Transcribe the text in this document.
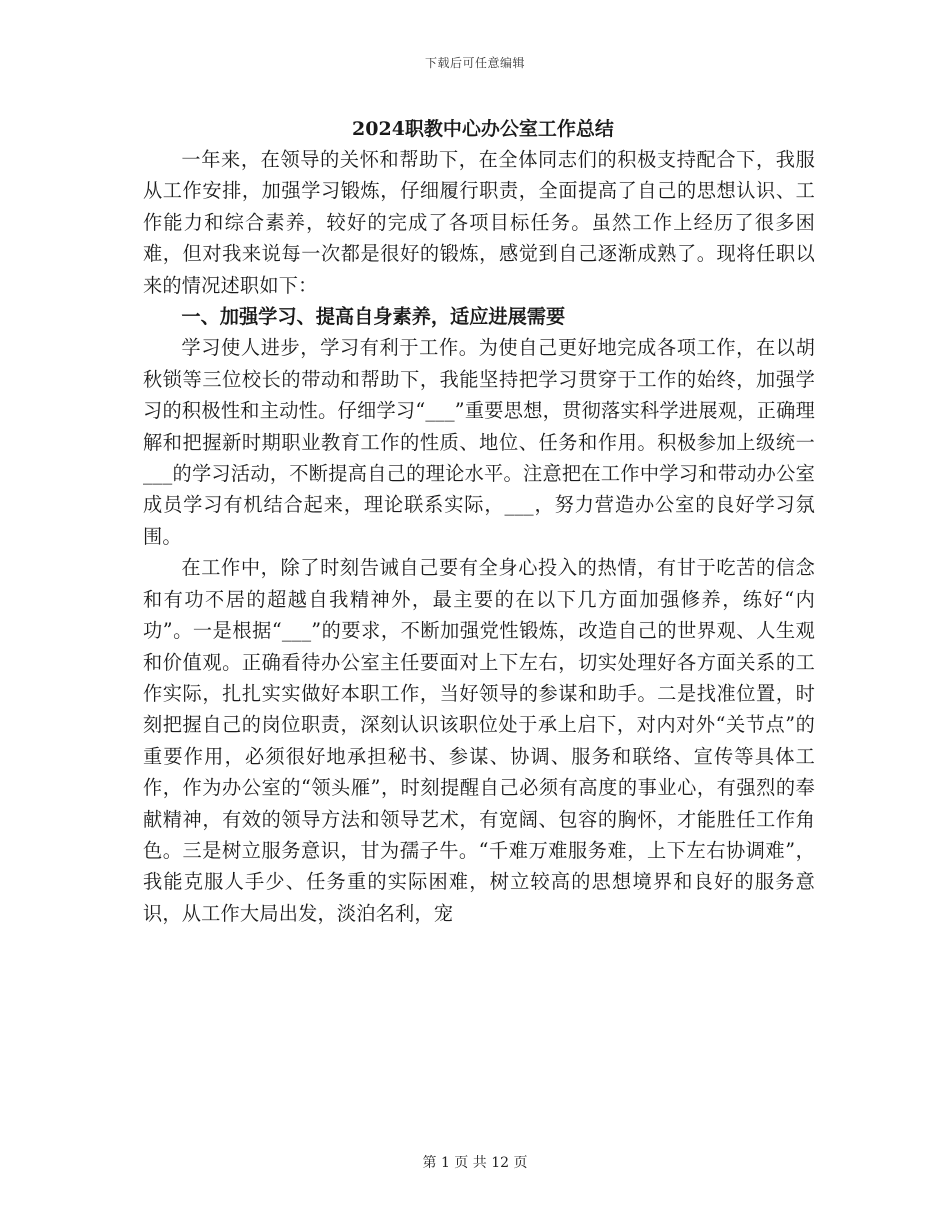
下载后可任意编辑
2024职教中心办公室工作总结

一年来，在领导的关怀和帮助下，在全体同志们的积极支持配合下，我服从工作安排，加强学习锻炼，仔细履行职责，全面提高了自己的思想认识、工作能力和综合素养，较好的完成了各项目标任务。虽然工作上经历了很多困难，但对我来说每一次都是很好的锻炼，感觉到自己逐渐成熟了。现将任职以来的情况述职如下：

一、加强学习、提高自身素养，适应进展需要

学习使人进步，学习有利于工作。为使自己更好地完成各项工作，在以胡秋锁等三位校长的带动和帮助下，我能坚持把学习贯穿于工作的始终，加强学习的积极性和主动性。仔细学习“___”重要思想，贯彻落实科学进展观，正确理解和把握新时期职业教育工作的性质、地位、任务和作用。积极参加上级统一___的学习活动，不断提高自己的理论水平。注意把在工作中学习和带动办公室成员学习有机结合起来，理论联系实际，___，努力营造办公室的良好学习氛围。

在工作中，除了时刻告诫自己要有全身心投入的热情，有甘于吃苦的信念和有功不居的超越自我精神外，最主要的在以下几方面加强修养，练好“内功”。一是根据“___”的要求，不断加强党性锻炼，改造自己的世界观、人生观和价值观。正确看待办公室主任要面对上下左右，切实处理好各方面关系的工作实际，扎扎实实做好本职工作，当好领导的参谋和助手。二是找准位置，时刻把握自己的岗位职责，深刻认识该职位处于承上启下，对内对外“关节点”的重要作用，必须很好地承担秘书、参谋、协调、服务和联络、宣传等具体工作，作为办公室的“领头雁”，时刻提醒自己必须有高度的事业心，有强烈的奉献精神，有效的领导方法和领导艺术，有宽阔、包容的胸怀，才能胜任工作角色。三是树立服务意识，甘为孺子牛。“千难万难服务难，上下左右协调难”，我能克服人手少、任务重的实际困难，树立较高的思想境界和良好的服务意识，从工作大局出发，淡泊名利，宠

第 1 页 共 12 页
